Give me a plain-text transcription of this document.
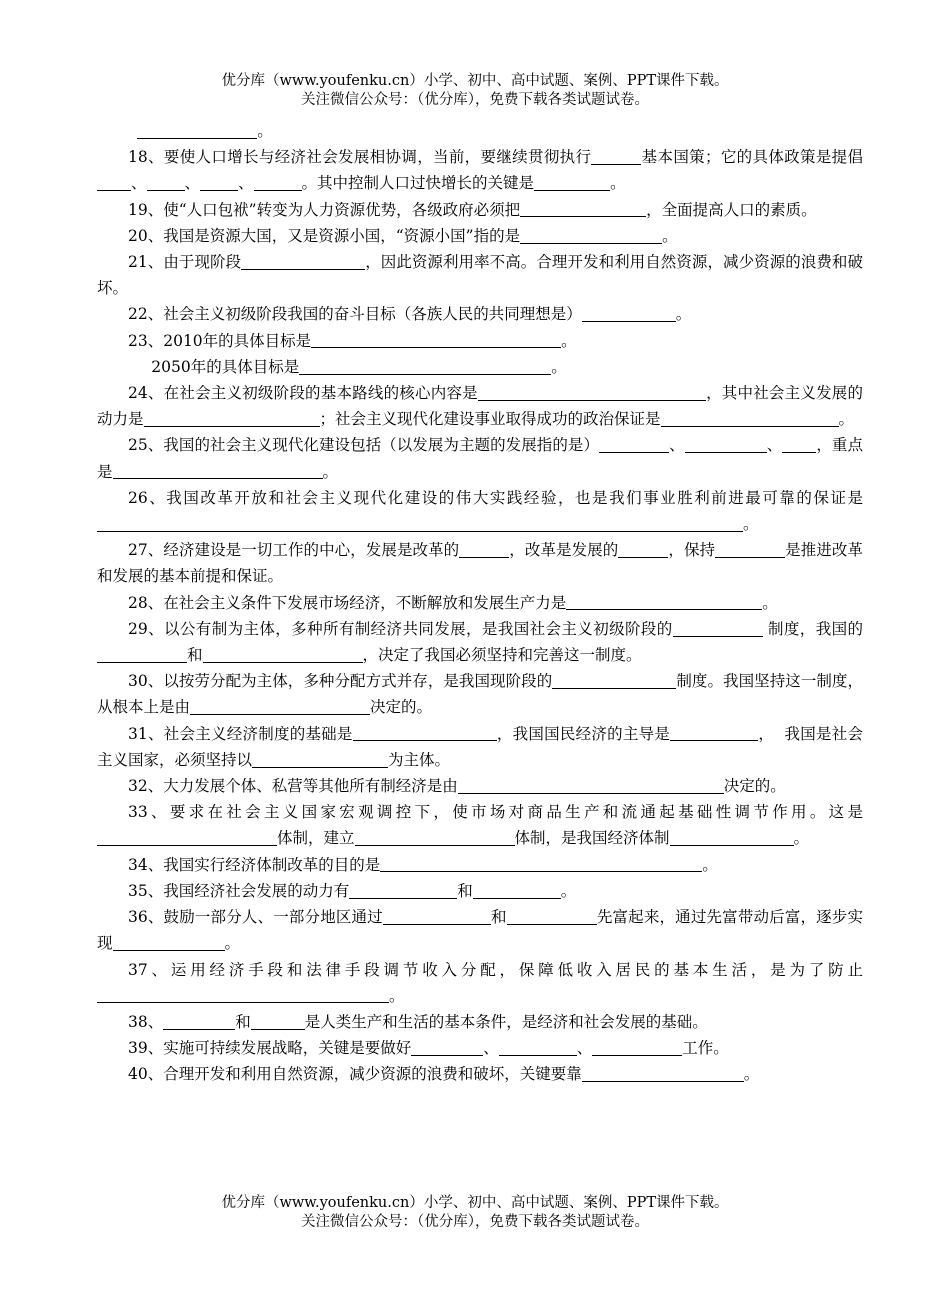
优分库（www.youfenku.cn）小学、初中、高中试题、案例、PPT课件下载。
关注微信公众号：（优分库），免费下载各类试题试卷。

。

18、要使人口增长与经济社会发展相协调，当前，要继续贯彻执行	基本国策；它的具体政策是提倡、 、 、	。其中控制人口过快增长的关键是	。

19、使“人口包袱”转变为人力资源优势，各级政府必须把	，全面提高人口的素质。

20、我国是资源大国，又是资源小国，“资源小国”指的是	。

21、由于现阶段	，因此资源利用率不高。合理开发和利用自然资源，减少资源的浪费和破坏。

22、社会主义初级阶段我国的奋斗目标（各族人民的共同理想是）	。

23、2010年的具体目标是	。

2050年的具体目标是	。

24、在社会主义初级阶段的基本路线的核心内容是	，其中社会主义发展的动力是	；社会主义现代化建设事业取得成功的政治保证是	。

25、我国的社会主义现代化建设包括（以发展为主题的发展指的是）	、	、 ，重点是	。

26、我国改革开放和社会主义现代化建设的伟大实践经验，也是我们事业胜利前进最可靠的保证是。

27、经济建设是一切工作的中心，发展是改革的	，改革是发展的	，保持	是推进改革和发展的基本前提和保证。

28、在社会主义条件下发展市场经济，不断解放和发展生产力是	。

29、以公有制为主体，多种所有制经济共同发展，是我国社会主义初级阶段的	制度，我国的和	，决定了我国必须坚持和完善这一制度。

30、以按劳分配为主体，多种分配方式并存，是我国现阶段的	制度。我国坚持这一制度，从根本上是由	决定的。

31、社会主义经济制度的基础是	，我国国民经济的主导是	，  我国是社会主义国家，必须坚持以	为主体。

32、大力发展个体、私营等其他所有制经济是由	决定的。

33、要求在社会主义国家宏观调控下，使市场对商品生产和流通起基础性调节作用。这是体制，建立	体制，是我国经济体制	。

34、我国实行经济体制改革的目的是	。

35、我国经济社会发展的动力有	和	。

36、鼓励一部分人、一部分地区通过	和	先富起来，通过先富带动后富，逐步实现	。

37、运用经济手段和法律手段调节收入分配，保障低收入居民的基本生活，是为了防止。

38、	和	是人类生产和生活的基本条件，是经济和社会发展的基础。

39、实施可持续发展战略，关键是要做好	、	、	工作。

40、合理开发和利用自然资源，减少资源的浪费和破坏，关键要靠	。

优分库（www.youfenku.cn）小学、初中、高中试题、案例、PPT课件下载。
关注微信公众号：（优分库），免费下载各类试题试卷。
